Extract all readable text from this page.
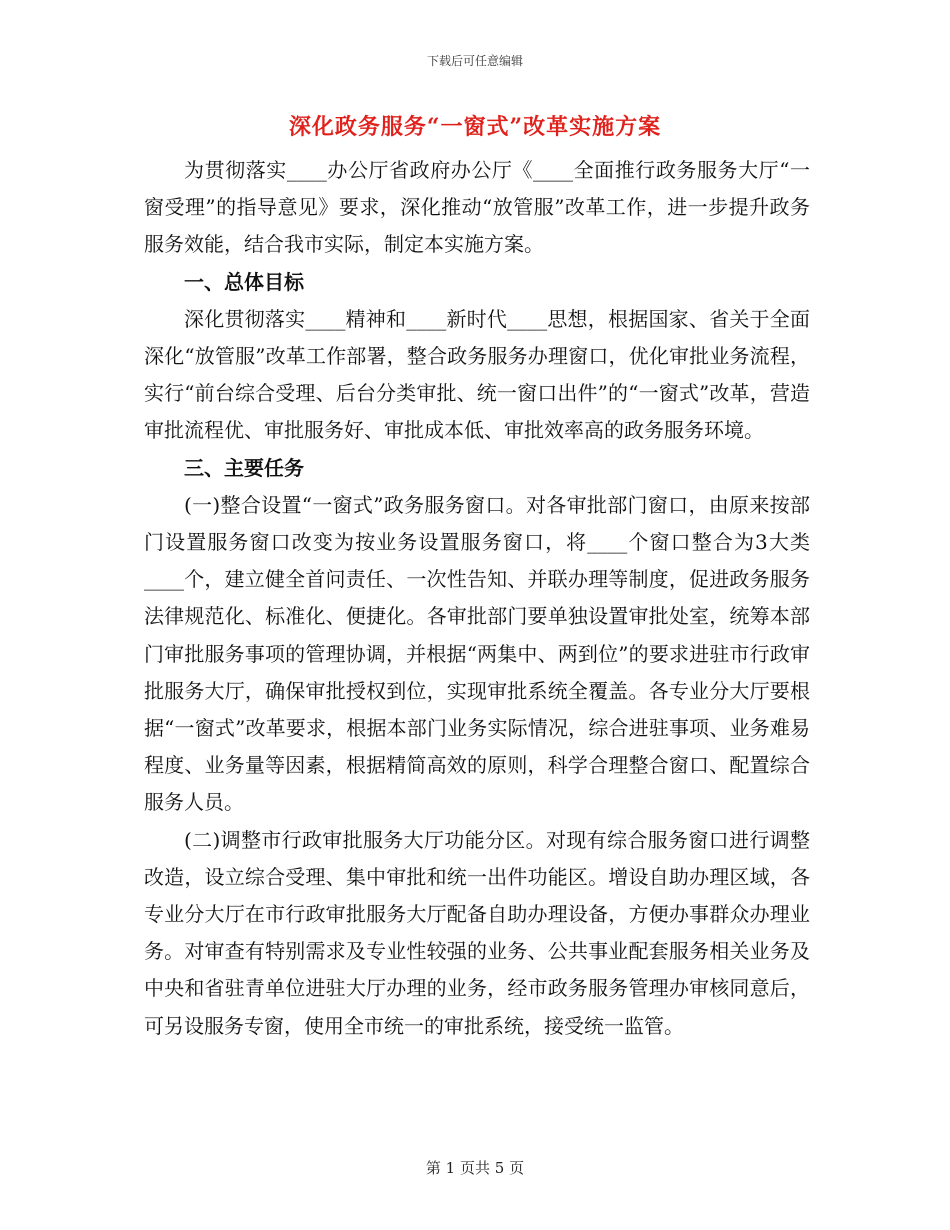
下载后可任意编辑
深化政务服务“一窗式”改革实施方案

为贯彻落实____办公厅省政府办公厅《____全面推行政务服务大厅“一窗受理”的指导意见》要求，深化推动“放管服”改革工作，进一步提升政务服务效能，结合我市实际，制定本实施方案。

一、总体目标

深化贯彻落实____精神和____新时代____思想，根据国家、省关于全面深化“放管服”改革工作部署，整合政务服务办理窗口，优化审批业务流程，实行“前台综合受理、后台分类审批、统一窗口出件”的“一窗式”改革，营造审批流程优、审批服务好、审批成本低、审批效率高的政务服务环境。

三、主要任务

(一)整合设置“一窗式”政务服务窗口。对各审批部门窗口，由原来按部门设置服务窗口改变为按业务设置服务窗口，将____个窗口整合为3大类____个，建立健全首问责任、一次性告知、并联办理等制度，促进政务服务法律规范化、标准化、便捷化。各审批部门要单独设置审批处室，统筹本部门审批服务事项的管理协调，并根据“两集中、两到位”的要求进驻市行政审批服务大厅，确保审批授权到位，实现审批系统全覆盖。各专业分大厅要根据“一窗式”改革要求，根据本部门业务实际情况，综合进驻事项、业务难易程度、业务量等因素，根据精简高效的原则，科学合理整合窗口、配置综合服务人员。

(二)调整市行政审批服务大厅功能分区。对现有综合服务窗口进行调整改造，设立综合受理、集中审批和统一出件功能区。增设自助办理区域，各专业分大厅在市行政审批服务大厅配备自助办理设备，方便办事群众办理业务。对审查有特别需求及专业性较强的业务、公共事业配套服务相关业务及中央和省驻青单位进驻大厅办理的业务，经市政务服务管理办审核同意后，可另设服务专窗，使用全市统一的审批系统，接受统一监管。

第 1 页共 5 页
